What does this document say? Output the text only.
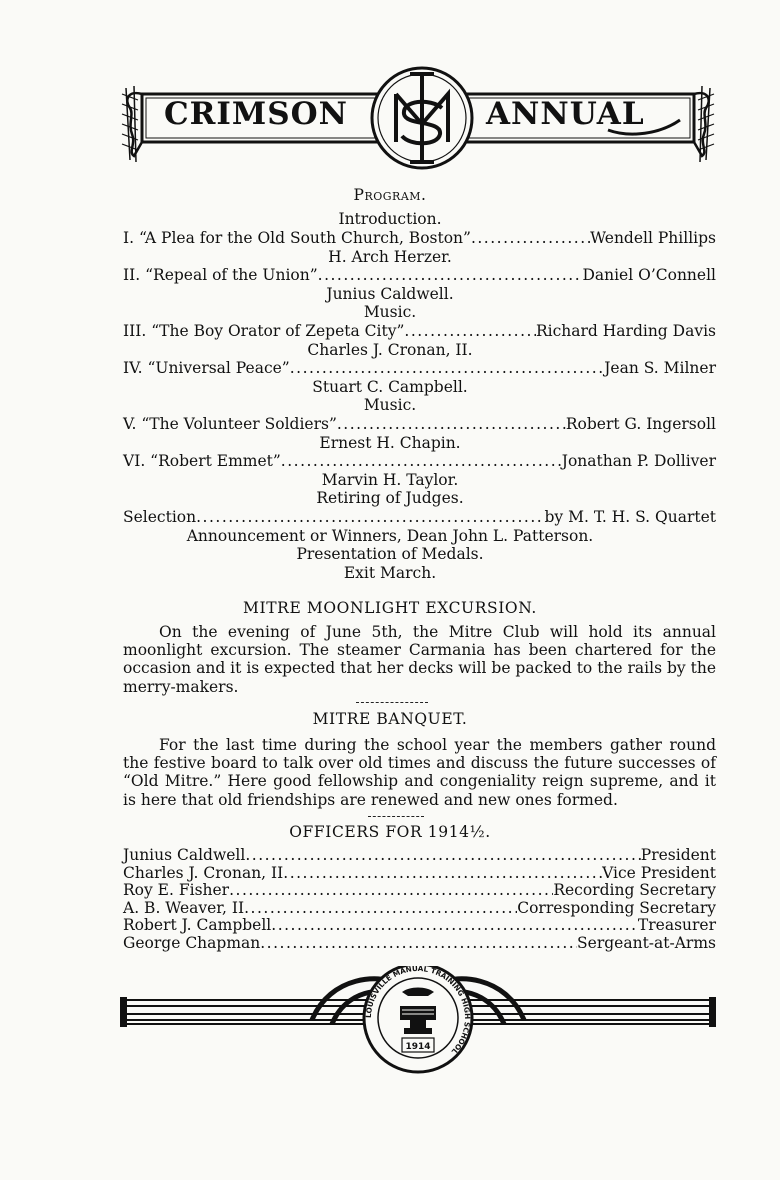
CRIMSON	ANNUAL
Program.
Introduction.
I. “A Plea for the Old South Church, Boston” .....	Wendell Phillips
H. Arch Herzer.
II. “Repeal of the Union” .....	Daniel O’Connell
Junius Caldwell.
Music.
III. “The Boy Orator of Zepeta City” .....	Richard Harding Davis
Charles J. Cronan, II.
IV. “Universal Peace” .....	Jean S. Milner
Stuart C. Campbell.
Music.
V. “The Volunteer Soldiers” .....	Robert G. Ingersoll
Ernest H. Chapin.
VI. “Robert Emmet” .....	Jonathan P. Dolliver
Marvin H. Taylor.
Retiring of Judges.
Selection .....	by M. T. H. S. Quartet
Announcement or Winners, Dean John L. Patterson.
Presentation of Medals.
Exit March.
MITRE MOONLIGHT EXCURSION.
On the evening of June 5th, the Mitre Club will hold its annual moonlight excursion. The steamer Carmania has been chartered for the occasion and it is expected that her decks will be packed to the rails by the merry-makers.
MITRE BANQUET.
For the last time during the school year the members gather round the festive board to talk over old times and discuss the future successes of “Old Mitre.” Here good fellowship and congeniality reign supreme, and it is here that old friendships are renewed and new ones formed.
OFFICERS FOR 1914½.
Junius Caldwell .....	President
Charles J. Cronan, II .....	Vice President
Roy E. Fisher .....	Recording Secretary
A. B. Weaver, II .....	Corresponding Secretary
Robert J. Campbell .....	Treasurer
George Chapman .....	Sergeant-at-Arms
LOUISVILLE MANUAL TRAINING HIGH SCHOOL
1914
